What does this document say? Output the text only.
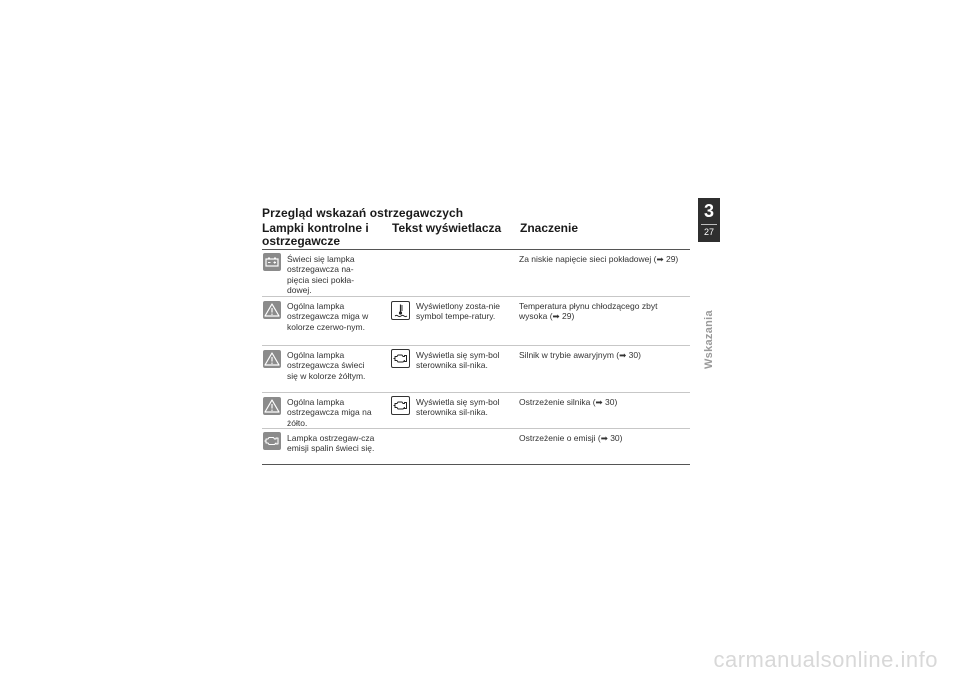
Przegląd wskazań ostrzegawczych
Lampki kontrolne i ostrzegawcze
Tekst wyświetlacza	Znaczenie
Świeci się lampka ostrzegawcza na-pięcia sieci pokła-dowej.
Za niskie napięcie sieci pokładowej (➡ 29)
Ogólna lampka ostrzegawcza miga w kolorze czerwo-nym.
Wyświetlony zosta-nie symbol tempe-ratury.
Temperatura płynu chłodzącego zbyt wysoka (➡ 29)
Ogólna lampka ostrzegawcza świeci się w kolorze żółtym.
Wyświetla się sym-bol sterownika sil-nika.
Silnik w trybie awaryjnym (➡ 30)
Ogólna lampka ostrzegawcza miga na żółto.
Wyświetla się sym-bol sterownika sil-nika.
Ostrzeżenie silnika (➡ 30)
Lampka ostrzegaw-cza emisji spalin świeci się.
Ostrzeżenie o emisji (➡ 30)
3
27
Wskazania
carmanualsonline.info
